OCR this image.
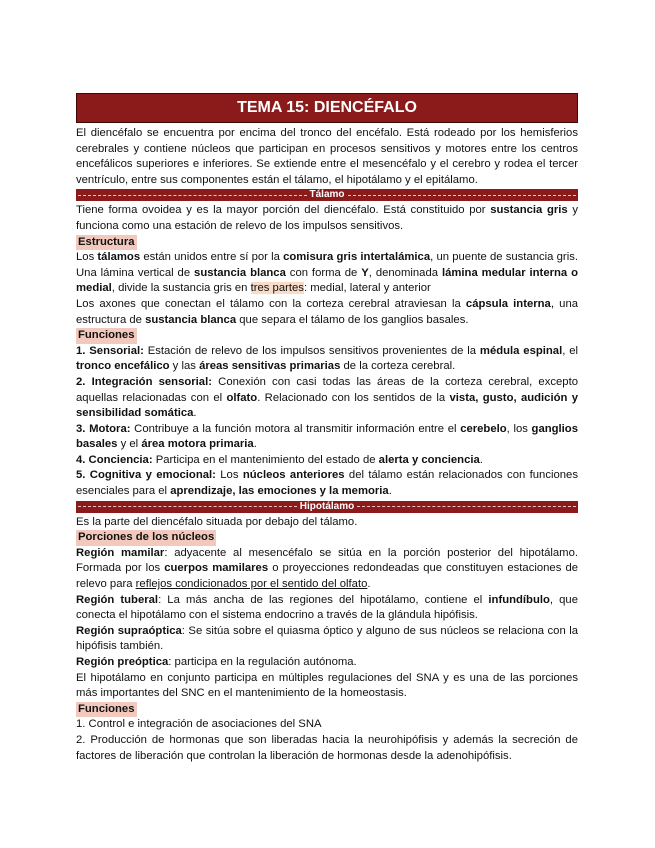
TEMA 15: DIENCÉFALO

El diencéfalo se encuentra por encima del tronco del encéfalo. Está rodeado por los hemisferios cerebrales y contiene núcleos que participan en procesos sensitivos y motores entre los centros encefálicos superiores e inferiores. Se extiende entre el mesencéfalo y el cerebro y rodea el tercer ventrículo, entre sus componentes están el tálamo, el hipotálamo y el epitálamo.

Tálamo

Tiene forma ovoidea y es la mayor porción del diencéfalo. Está constituido por sustancia gris y funciona como una estación de relevo de los impulsos sensitivos.

Estructura

Los tálamos están unidos entre sí por la comisura gris intertalámica, un puente de sustancia gris. Una lámina vertical de sustancia blanca con forma de Y, denominada lámina medular interna o medial, divide la sustancia gris en tres partes: medial, lateral y anterior

Los axones que conectan el tálamo con la corteza cerebral atraviesan la cápsula interna, una estructura de sustancia blanca que separa el tálamo de los ganglios basales.

Funciones

1. Sensorial: Estación de relevo de los impulsos sensitivos provenientes de la médula espinal, el tronco encefálico y las áreas sensitivas primarias de la corteza cerebral.

2. Integración sensorial: Conexión con casi todas las áreas de la corteza cerebral, excepto aquellas relacionadas con el olfato. Relacionado con los sentidos de la vista, gusto, audición y sensibilidad somática.

3. Motora: Contribuye a la función motora al transmitir información entre el cerebelo, los ganglios basales y el área motora primaria.

4. Conciencia: Participa en el mantenimiento del estado de alerta y conciencia.

5. Cognitiva y emocional: Los núcleos anteriores del tálamo están relacionados con funciones esenciales para el aprendizaje, las emociones y la memoria.

Hipotálamo

Es la parte del diencéfalo situada por debajo del tálamo.

Porciones de los núcleos

Región mamilar: adyacente al mesencéfalo se sitúa en la porción posterior del hipotálamo. Formada por los cuerpos mamilares o proyecciones redondeadas que constituyen estaciones de relevo para reflejos condicionados por el sentido del olfato.

Región tuberal: La más ancha de las regiones del hipotálamo, contiene el infundíbulo, que conecta el hipotálamo con el sistema endocrino a través de la glándula hipófisis.

Región supraóptica: Se sitúa sobre el quiasma óptico y alguno de sus núcleos se relaciona con la hipófisis también.

Región preóptica: participa en la regulación autónoma.

El hipotálamo en conjunto participa en múltiples regulaciones del SNA y es una de las porciones más importantes del SNC en el mantenimiento de la homeostasis.

Funciones

1. Control e integración de asociaciones del SNA

2. Producción de hormonas que son liberadas hacia la neurohipófisis y además la secreción de factores de liberación que controlan la liberación de hormonas desde la adenohipófisis.
